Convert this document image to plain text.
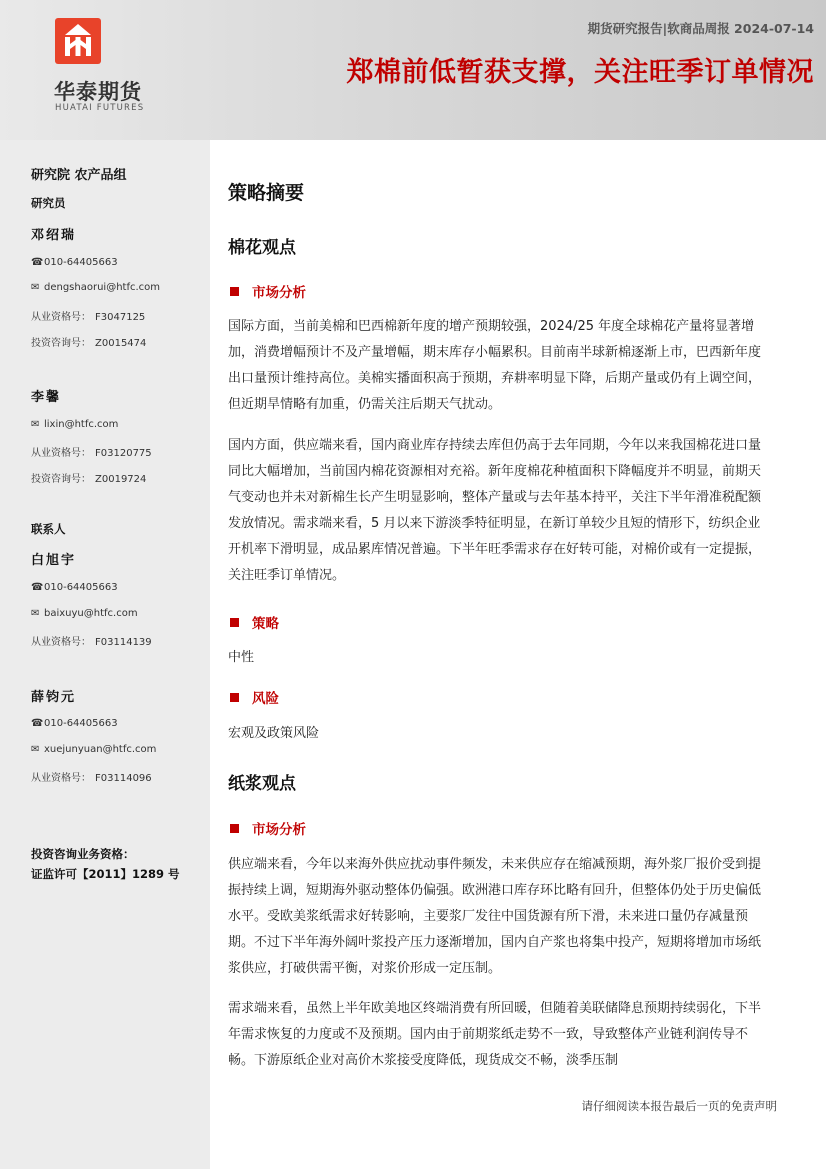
华泰期货
HUATAI FUTURES
期货研究报告|软商品周报 2024-07-14
郑棉前低暂获支撑，关注旺季订单情况
研究院 农产品组
研究员
邓绍瑞
☎010-64405663
✉ dengshaorui@htfc.com
从业资格号： F3047125
投资咨询号： Z0015474
李馨
✉ lixin@htfc.com
从业资格号： F03120775
投资咨询号： Z0019724
联系人
白旭宇
☎010-64405663
✉ baixuyu@htfc.com
从业资格号： F03114139
薛钧元
☎010-64405663
✉ xuejunyuan@htfc.com
从业资格号： F03114096
投资咨询业务资格：
证监许可【2011】1289 号
策略摘要
棉花观点
市场分析
国际方面，当前美棉和巴西棉新年度的增产预期较强，2024/25 年度全球棉花产量将显著增加，消费增幅预计不及产量增幅，期末库存小幅累积。目前南半球新棉逐渐上市，巴西新年度出口量预计维持高位。美棉实播面积高于预期，弃耕率明显下降，后期产量或仍有上调空间，但近期旱情略有加重，仍需关注后期天气扰动。
国内方面，供应端来看，国内商业库存持续去库但仍高于去年同期，今年以来我国棉花进口量同比大幅增加，当前国内棉花资源相对充裕。新年度棉花种植面积下降幅度并不明显，前期天气变动也并未对新棉生长产生明显影响，整体产量或与去年基本持平，关注下半年滑准税配额发放情况。需求端来看，5 月以来下游淡季特征明显，在新订单较少且短的情形下，纺织企业开机率下滑明显，成品累库情况普遍。下半年旺季需求存在好转可能，对棉价或有一定提振，关注旺季订单情况。
策略
中性
风险
宏观及政策风险
纸浆观点
市场分析
供应端来看，今年以来海外供应扰动事件频发，未来供应存在缩减预期，海外浆厂报价受到提振持续上调，短期海外驱动整体仍偏强。欧洲港口库存环比略有回升，但整体仍处于历史偏低水平。受欧美浆纸需求好转影响，主要浆厂发往中国货源有所下滑，未来进口量仍存减量预期。不过下半年海外阔叶浆投产压力逐渐增加，国内自产浆也将集中投产，短期将增加市场纸浆供应，打破供需平衡，对浆价形成一定压制。
需求端来看，虽然上半年欧美地区终端消费有所回暖，但随着美联储降息预期持续弱化，下半年需求恢复的力度或不及预期。国内由于前期浆纸走势不一致，导致整体产业链利润传导不畅。下游原纸企业对高价木浆接受度降低，现货成交不畅，淡季压制
请仔细阅读本报告最后一页的免责声明
